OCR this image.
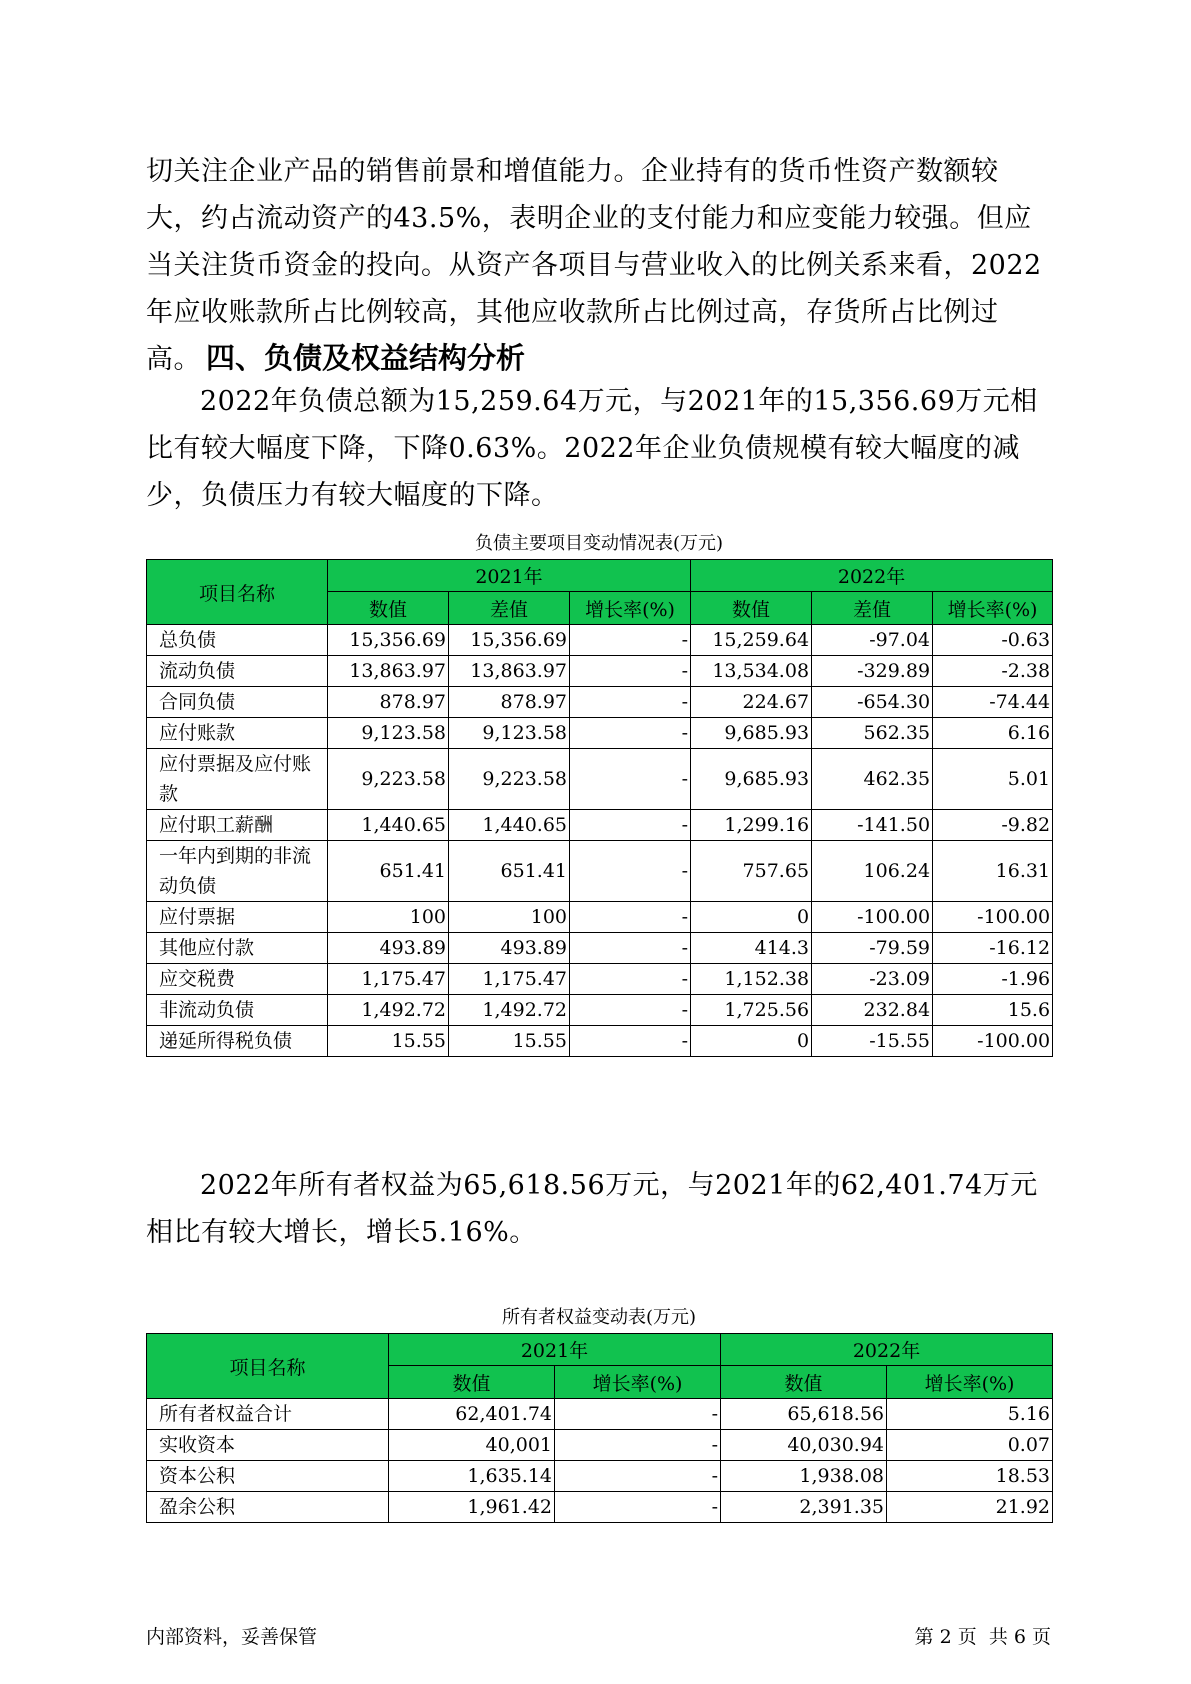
切关注企业产品的销售前景和增值能力。企业持有的货币性资产数额较大，约占流动资产的43.5%，表明企业的支付能力和应变能力较强。但应当关注货币资金的投向。从资产各项目与营业收入的比例关系来看，2022年应收账款所占比例较高，其他应收款所占比例过高，存货所占比例过高。 四、负债及权益结构分析
2022年负债总额为15,259.64万元，与2021年的15,356.69万元相比有较大幅度下降，下降0.63%。2022年企业负债规模有较大幅度的减少，负债压力有较大幅度的下降。
负债主要项目变动情况表(万元)
项目名称	2021年			2022年		
	数值	差值	增长率(%)	数值	差值	增长率(%)
总负债	15,356.69	15,356.69	-	15,259.64	-97.04	-0.63
流动负债	13,863.97	13,863.97	-	13,534.08	-329.89	-2.38
合同负债	878.97	878.97	-	224.67	-654.30	-74.44
应付账款	9,123.58	9,123.58	-	9,685.93	562.35	6.16
应付票据及应付账款	9,223.58	9,223.58	-	9,685.93	462.35	5.01
应付职工薪酬	1,440.65	1,440.65	-	1,299.16	-141.50	-9.82
一年内到期的非流动负债	651.41	651.41	-	757.65	106.24	16.31
应付票据	100	100	-	0	-100.00	-100.00
其他应付款	493.89	493.89	-	414.3	-79.59	-16.12
应交税费	1,175.47	1,175.47	-	1,152.38	-23.09	-1.96
非流动负债	1,492.72	1,492.72	-	1,725.56	232.84	15.6
递延所得税负债	15.55	15.55	-	0	-15.55	-100.00
2022年所有者权益为65,618.56万元，与2021年的62,401.74万元相比有较大增长，增长5.16%。
所有者权益变动表(万元)
项目名称	2021年		2022年	
	数值	增长率(%)	数值	增长率(%)
所有者权益合计	62,401.74	-	65,618.56	5.16
实收资本	40,001	-	40,030.94	0.07
资本公积	1,635.14	-	1,938.08	18.53
盈余公积	1,961.42	-	2,391.35	21.92
内部资料，妥善保管	第 2 页  共 6 页
